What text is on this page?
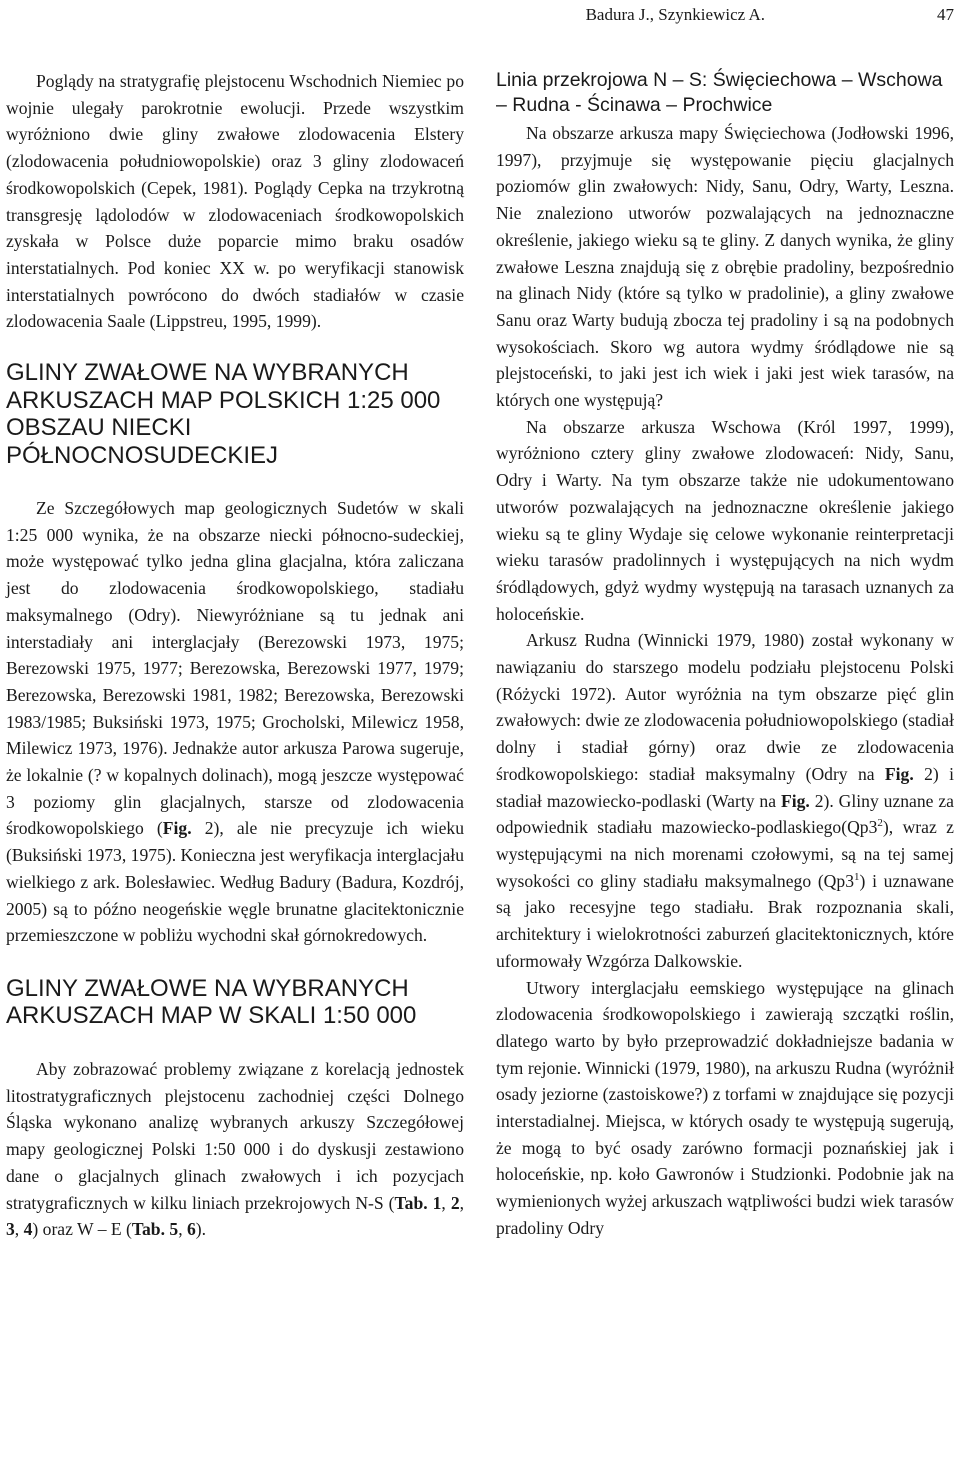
Badura J., Szynkiewicz A.	47

Poglądy na stratygrafię plejstocenu Wschodnich Niemiec po wojnie ulegały parokrotnie ewolucji. Przede wszystkim wyróżniono dwie gliny zwałowe zlodowacenia Elstery (zlodowacenia południowopolskie) oraz 3 gliny zlodowaceń środkowopolskich (Cepek, 1981). Poglądy Cepka na trzykrotną transgresję lądolodów w zlodowaceniach środkowopolskich zyskała w Polsce duże poparcie mimo braku osadów interstatialnych. Pod koniec XX w. po weryfikacji stanowisk interstatialnych powrócono do dwóch stadiałów w czasie zlodowacenia Saale (Lippstreu, 1995, 1999).

GLINY ZWAŁOWE NA WYBRANYCH ARKUSZACH MAP POLSKICH 1:25 000 OBSZAU NIECKI PÓŁNOCNOSUDECKIEJ

Ze Szczegółowych map geologicznych Sudetów w skali 1:25 000 wynika, że na obszarze niecki północno-sudeckiej, może występować tylko jedna glina glacjalna, która zaliczana jest do zlodowacenia środkowopolskiego, stadiału maksymalnego (Odry). Niewyróżniane są tu jednak ani interstadiały ani interglacjały (Berezowski 1973, 1975; Berezowski 1975, 1977; Berezowska, Berezowski 1977, 1979; Berezowska, Berezowski 1981, 1982; Berezowska, Berezowski 1983/1985; Buksiński 1973, 1975; Grocholski, Milewicz 1958, Milewicz 1973, 1976). Jednakże autor arkusza Parowa sugeruje, że lokalnie (? w kopalnych dolinach), mogą jeszcze występować 3 poziomy glin glacjalnych, starsze od zlodowacenia środkowopolskiego (Fig. 2), ale nie precyzuje ich wieku (Buksiński 1973, 1975). Konieczna jest weryfikacja interglacjału wielkiego z ark. Bolesławiec. Według Badury (Badura, Kozdrój, 2005) są to późno neogeńskie węgle brunatne glacitektonicznie przemieszczone w pobliżu wychodni skał górnokredowych.

GLINY ZWAŁOWE NA WYBRANYCH ARKUSZACH MAP W SKALI 1:50 000

Aby zobrazować problemy związane z korelacją jednostek litostratygraficznych plejstocenu zachodniej części Dolnego Śląska wykonano analizę wybranych arkuszy Szczegółowej mapy geologicznej Polski 1:50 000 i do dyskusji zestawiono dane o glacjalnych glinach zwałowych i ich pozycjach stratygraficznych w kilku liniach przekrojowych N-S (Tab. 1, 2, 3, 4) oraz W – E (Tab. 5, 6).

Linia przekrojowa N – S: Święciechowa – Wschowa – Rudna - Ścinawa – Prochwice

Na obszarze arkusza mapy Święciechowa (Jodłowski 1996, 1997), przyjmuje się występowanie pięciu glacjalnych poziomów glin zwałowych: Nidy, Sanu, Odry, Warty, Leszna. Nie znaleziono utworów pozwalających na jednoznaczne określenie, jakiego wieku są te gliny. Z danych wynika, że gliny zwałowe Leszna znajdują się z obrębie pradoliny, bezpośrednio na glinach Nidy (które są tylko w pradolinie), a gliny zwałowe Sanu oraz Warty budują zbocza tej pradoliny i są na podobnych wysokościach. Skoro wg autora wydmy śródlądowe nie są plejstoceński, to jaki jest ich wiek i jaki jest wiek tarasów, na których one występują?

Na obszarze arkusza Wschowa (Król 1997, 1999), wyróżniono cztery gliny zwałowe zlodowaceń: Nidy, Sanu, Odry i Warty. Na tym obszarze także nie udokumentowano utworów pozwalających na jednoznaczne określenie jakiego wieku są te gliny Wydaje się celowe wykonanie reinterpretacji wieku tarasów pradolinnych i występujących na nich wydm śródlądowych, gdyż wydmy występują na tarasach uznanych za holoceńskie.

Arkusz Rudna (Winnicki 1979, 1980) został wykonany w nawiązaniu do starszego modelu podziału plejstocenu Polski (Różycki 1972). Autor wyróżnia na tym obszarze pięć glin zwałowych: dwie ze zlodowacenia południowopolskiego (stadiał dolny i stadiał górny) oraz dwie ze zlodowacenia środkowopolskiego: stadiał maksymalny (Odry na Fig. 2) i stadiał mazowiecko-podlaski (Warty na Fig. 2). Gliny uznane za odpowiednik stadiału mazowiecko-$podlaskiego(Qp3^2)$, wraz z występującymi na nich morenami czołowymi, są na tej samej wysokości co gliny stadiału maksymalnego $(Qp3^1)$ i uznawane są jako recesyjne tego stadiału. Brak rozpoznania skali, architektury i wielokrotności zaburzeń glacitektonicznych, które uformowały Wzgórza Dalkowskie.

Utwory interglacjału eemskiego występujące na glinach zlodowacenia środkowopolskiego i zawierają szczątki roślin, dlatego warto by było przeprowadzić dokładniejsze badania w tym rejonie. Winnicki (1979, 1980), na arkuszu Rudna (wyróżnił osady jeziorne (zastoiskowe?) z torfami w znajdujące się pozycji interstadialnej. Miejsca, w których osady te występują sugerują, że mogą to być osady zarówno formacji poznańskiej jak i holoceńskie, np. koło Gawronów i Studzionki. Podobnie jak na wymienionych wyżej arkuszach wątpliwości budzi wiek tarasów pradoliny Odry
